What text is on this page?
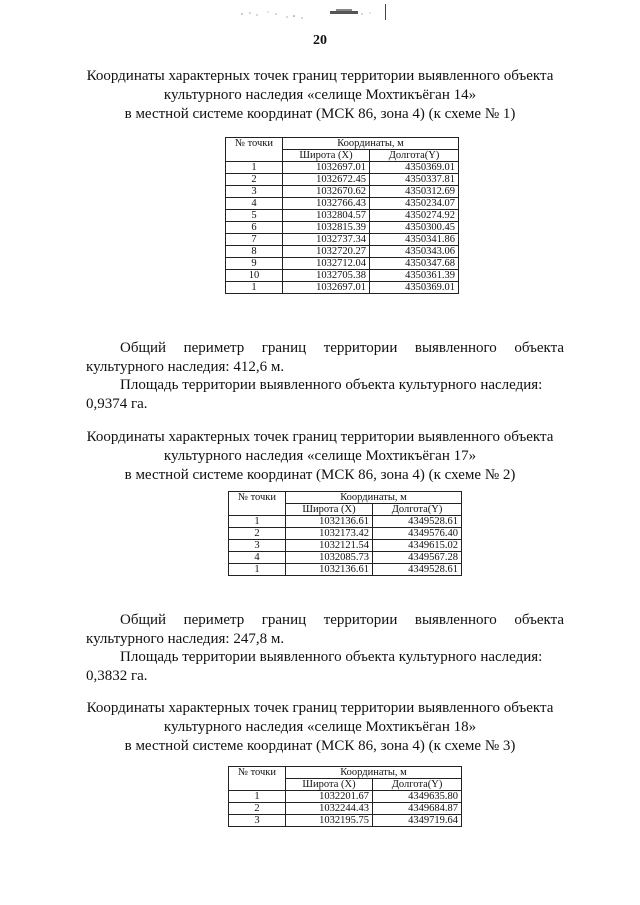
20
Координаты характерных точек границ территории выявленного объекта
культурного наследия «селище Мохтикъёган 14»
в местной системе координат (МСК 86, зона 4) (к схеме № 1)
№ точки	Координаты, м	
	Широта (X)	Долгота(Y)
1	1032697.01	4350369.01
2	1032672.45	4350337.81
3	1032670.62	4350312.69
4	1032766.43	4350234.07
5	1032804.57	4350274.92
6	1032815.39	4350300.45
7	1032737.34	4350341.86
8	1032720.27	4350343.06
9	1032712.04	4350347.68
10	1032705.38	4350361.39
1	1032697.01	4350369.01
Общий периметр границ территории выявленного объекта
культурного наследия: 412,6 м.
Площадь территории выявленного объекта культурного наследия:
0,9374 га.
Координаты характерных точек границ территории выявленного объекта
культурного наследия «селище Мохтикъёган 17»
в местной системе координат (МСК 86, зона 4) (к схеме № 2)
№ точки	Координаты, м	
	Широта (X)	Долгота(Y)
1	1032136.61	4349528.61
2	1032173.42	4349576.40
3	1032121.54	4349615.02
4	1032085.73	4349567.28
1	1032136.61	4349528.61
Общий периметр границ территории выявленного объекта
культурного наследия: 247,8 м.
Площадь территории выявленного объекта культурного наследия:
0,3832 га.
Координаты характерных точек границ территории выявленного объекта
культурного наследия «селище Мохтикъёган 18»
в местной системе координат (МСК 86, зона 4) (к схеме № 3)
№ точки	Координаты, м	
	Широта (X)	Долгота(Y)
1	1032201.67	4349635.80
2	1032244.43	4349684.87
3	1032195.75	4349719.64
